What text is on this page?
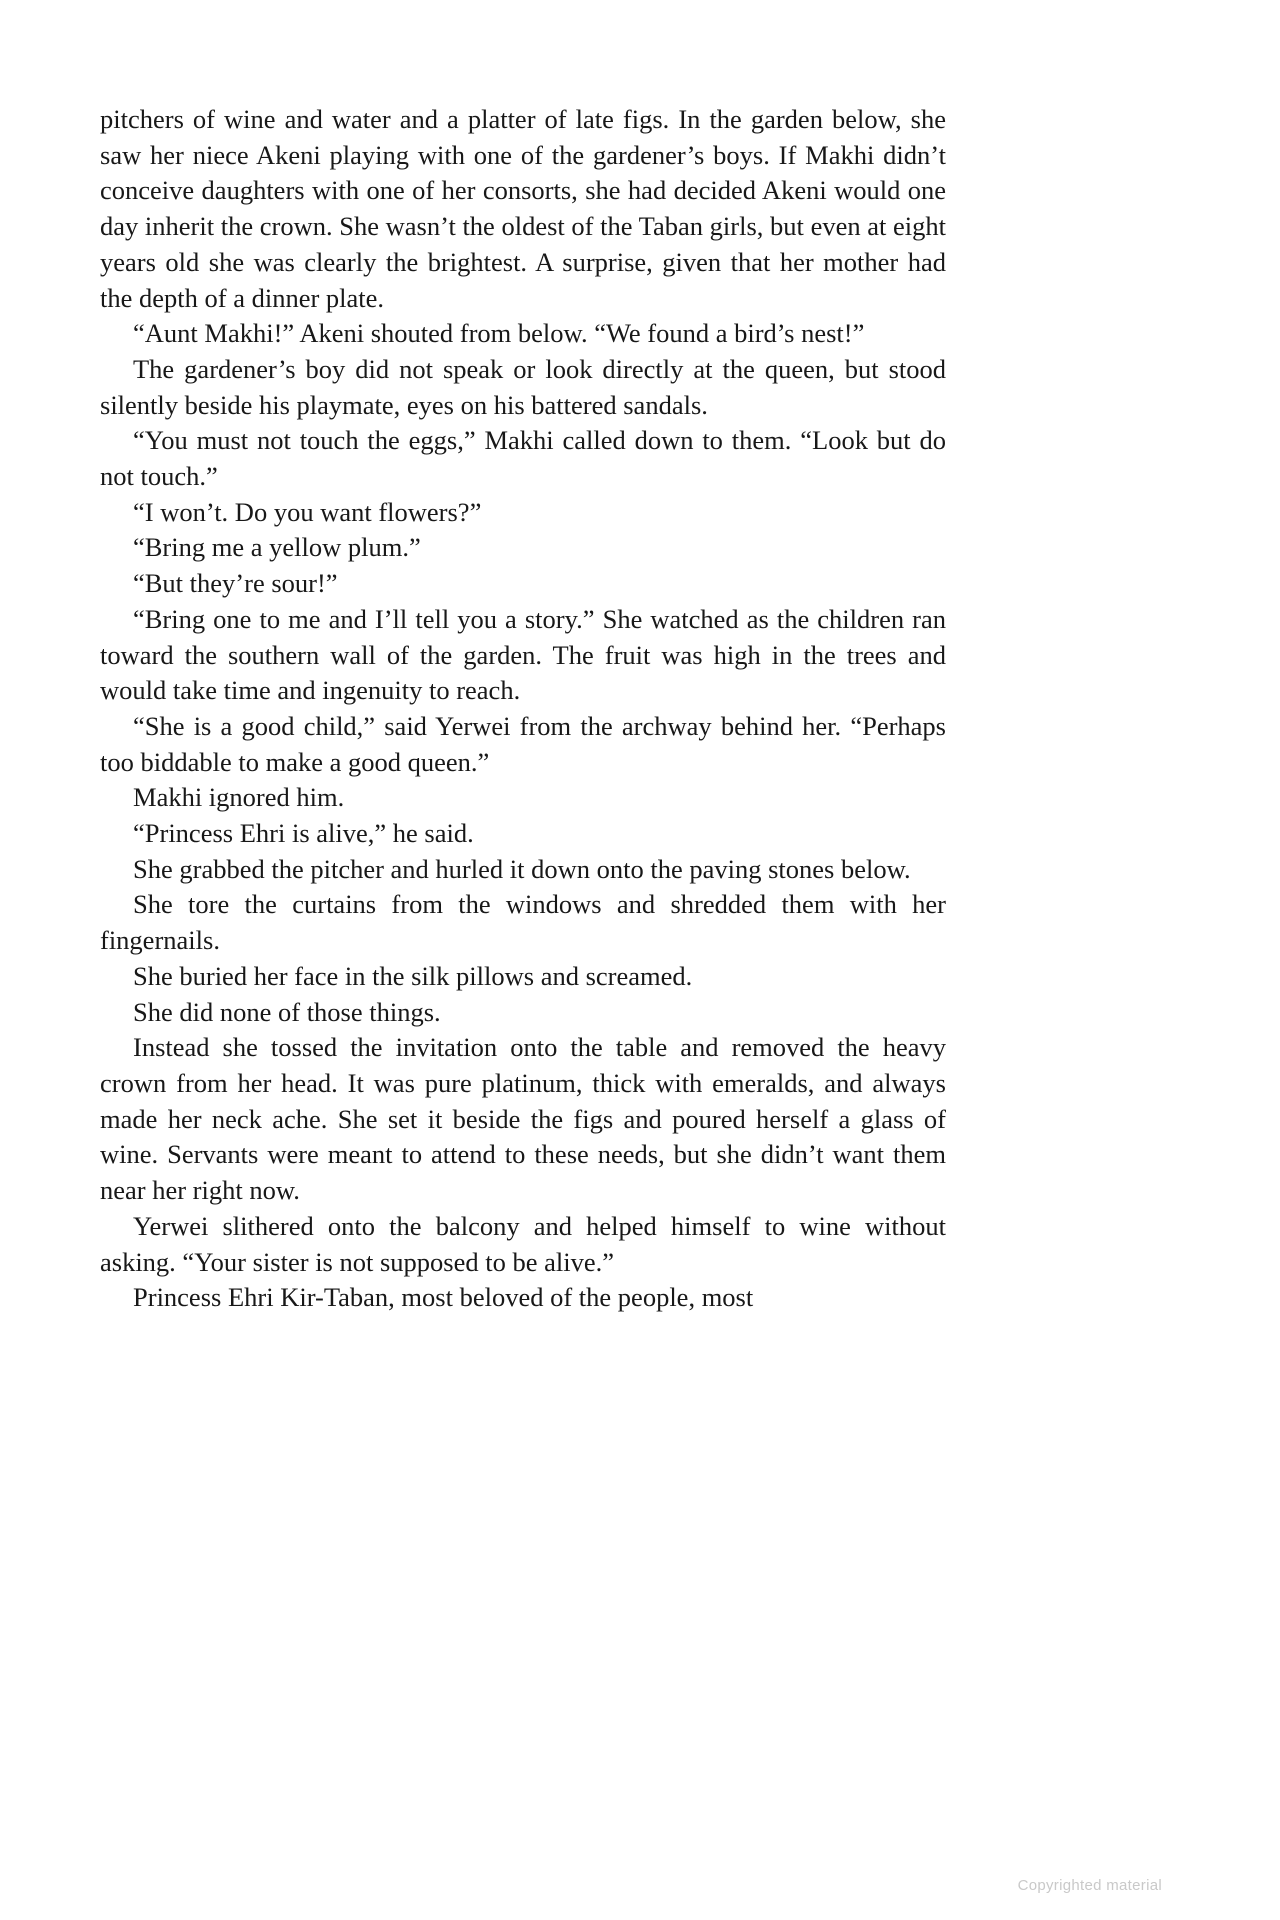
pitchers of wine and water and a platter of late figs. In the garden below, she saw her niece Akeni playing with one of the gardener’s boys. If Makhi didn’t conceive daughters with one of her consorts, she had decided Akeni would one day inherit the crown. She wasn’t the oldest of the Taban girls, but even at eight years old she was clearly the brightest. A surprise, given that her mother had the depth of a dinner plate.

“Aunt Makhi!” Akeni shouted from below. “We found a bird’s nest!”

The gardener’s boy did not speak or look directly at the queen, but stood silently beside his playmate, eyes on his battered sandals.

“You must not touch the eggs,” Makhi called down to them. “Look but do not touch.”

“I won’t. Do you want flowers?”

“Bring me a yellow plum.”

“But they’re sour!”

“Bring one to me and I’ll tell you a story.” She watched as the children ran toward the southern wall of the garden. The fruit was high in the trees and would take time and ingenuity to reach.

“She is a good child,” said Yerwei from the archway behind her. “Perhaps too biddable to make a good queen.”

Makhi ignored him.

“Princess Ehri is alive,” he said.

She grabbed the pitcher and hurled it down onto the paving stones below.

She tore the curtains from the windows and shredded them with her fingernails.

She buried her face in the silk pillows and screamed.

She did none of those things.

Instead she tossed the invitation onto the table and removed the heavy crown from her head. It was pure platinum, thick with emeralds, and always made her neck ache. She set it beside the figs and poured herself a glass of wine. Servants were meant to attend to these needs, but she didn’t want them near her right now.

Yerwei slithered onto the balcony and helped himself to wine without asking. “Your sister is not supposed to be alive.”

Princess Ehri Kir-Taban, most beloved of the people, most

Copyrighted material
